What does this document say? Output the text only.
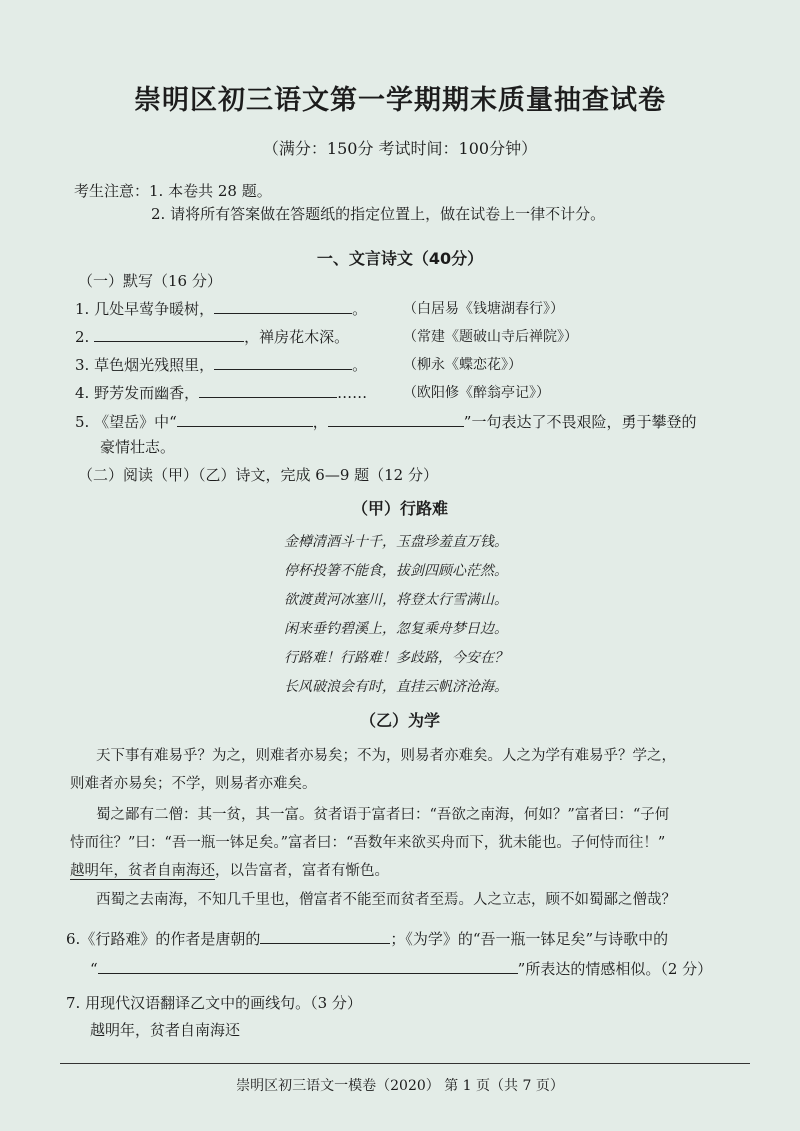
崇明区初三语文第一学期期末质量抽查试卷
（满分：150分 考试时间：100分钟）
考生注意：1. 本卷共 28 题。
2. 请将所有答案做在答题纸的指定位置上，做在试卷上一律不计分。
一、文言诗文（40分）
（一）默写（16 分）
1. 几处早莺争暖树，	。	（白居易《钱塘湖春行》）
2.	，禅房花木深。	（常建《题破山寺后禅院》）
3. 草色烟光残照里，	。	（柳永《蝶恋花》）
4. 野芳发而幽香，	……	（欧阳修《醉翁亭记》）
5. 《望岳》中“	，	”一句表达了不畏艰险，勇于攀登的
豪情壮志。
（二）阅读（甲）（乙）诗文，完成 6—9 题（12 分）
（甲）行路难
金樽清酒斗十千，玉盘珍羞直万钱。
停杯投箸不能食，拔剑四顾心茫然。
欲渡黄河冰塞川，将登太行雪满山。
闲来垂钓碧溪上，忽复乘舟梦日边。
行路难！行路难！多歧路，今安在？
长风破浪会有时，直挂云帆济沧海。
（乙）为学
天下事有难易乎？为之，则难者亦易矣；不为，则易者亦难矣。人之为学有难易乎？学之，
则难者亦易矣；不学，则易者亦难矣。
蜀之鄙有二僧：其一贫，其一富。贫者语于富者曰：“吾欲之南海，何如？”富者曰：“子何
恃而往？”曰：“吾一瓶一钵足矣。”富者曰：“吾数年来欲买舟而下，犹未能也。子何恃而往！”
越明年，贫者自南海还，以告富者，富者有惭色。
西蜀之去南海，不知几千里也，僧富者不能至而贫者至焉。人之立志，顾不如蜀鄙之僧哉？
6.《行路难》的作者是唐朝的	；《为学》的“吾一瓶一钵足矣”与诗歌中的
“	”所表达的情感相似。（2 分）
7. 用现代汉语翻译乙文中的画线句。（3 分）
越明年，贫者自南海还
崇明区初三语文一模卷（2020） 第 1 页（共 7 页）
